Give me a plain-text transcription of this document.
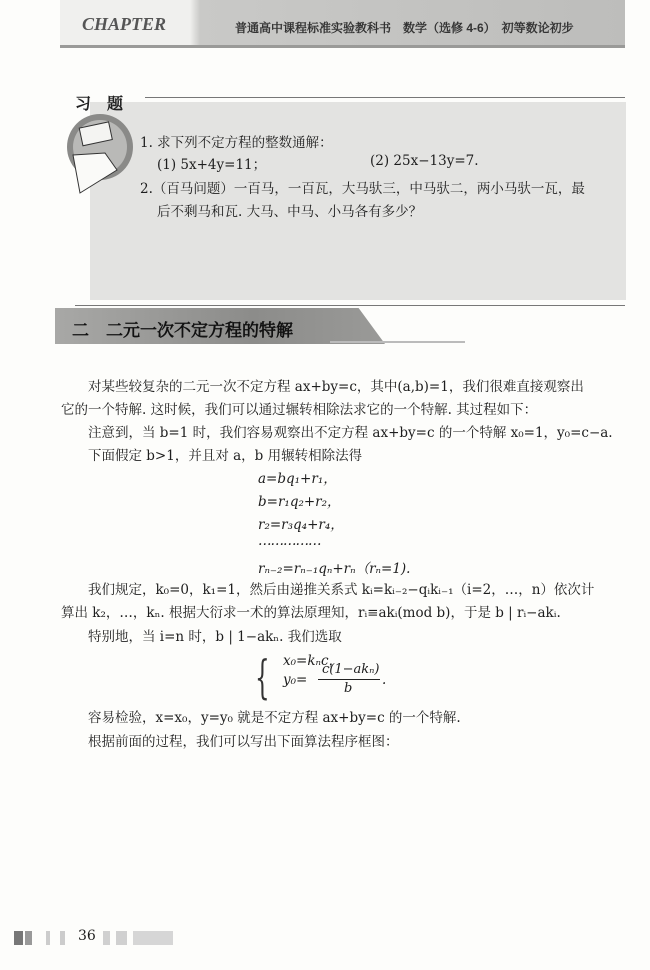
CHAPTER	普通高中课程标准实验教科书　数学（选修 4-6）　初等数论初步
习　题
1. 求下列不定方程的整数通解：
(1) 5x+4y=11；	(2) 25x−13y=7.
2.（百马问题）一百马，一百瓦，大马驮三，中马驮二，两小马驮一瓦，最
后不剩马和瓦. 大马、中马、小马各有多少？
二　二元一次不定方程的特解
对某些较复杂的二元一次不定方程 ax+by=c，其中(a,b)=1，我们很难直接观察出
它的一个特解. 这时候，我们可以通过辗转相除法求它的一个特解. 其过程如下：
注意到，当 b=1 时，我们容易观察出不定方程 ax+by=c 的一个特解 x₀=1，y₀=c−a.
下面假定 b>1，并且对 a，b 用辗转相除法得
a=bq₁+r₁，
b=r₁q₂+r₂，
r₂=r₃q₄+r₄，
……………
rₙ₋₂=rₙ₋₁qₙ+rₙ（rₙ=1).
我们规定，k₀=0，k₁=1，然后由递推关系式 kᵢ=kᵢ₋₂−qᵢkᵢ₋₁（i=2，…，n）依次计
算出 k₂，…，kₙ. 根据大衍求一术的算法原理知，rᵢ≡akᵢ(mod b)，于是 b | rᵢ−akᵢ.
特别地，当 i=n 时，b | 1−akₙ. 我们选取
{ x₀=kₙc，
y₀=
c(1−akₙ)
b
.
容易检验，x=x₀，y=y₀ 就是不定方程 ax+by=c 的一个特解.
根据前面的过程，我们可以写出下面算法程序框图：
36
